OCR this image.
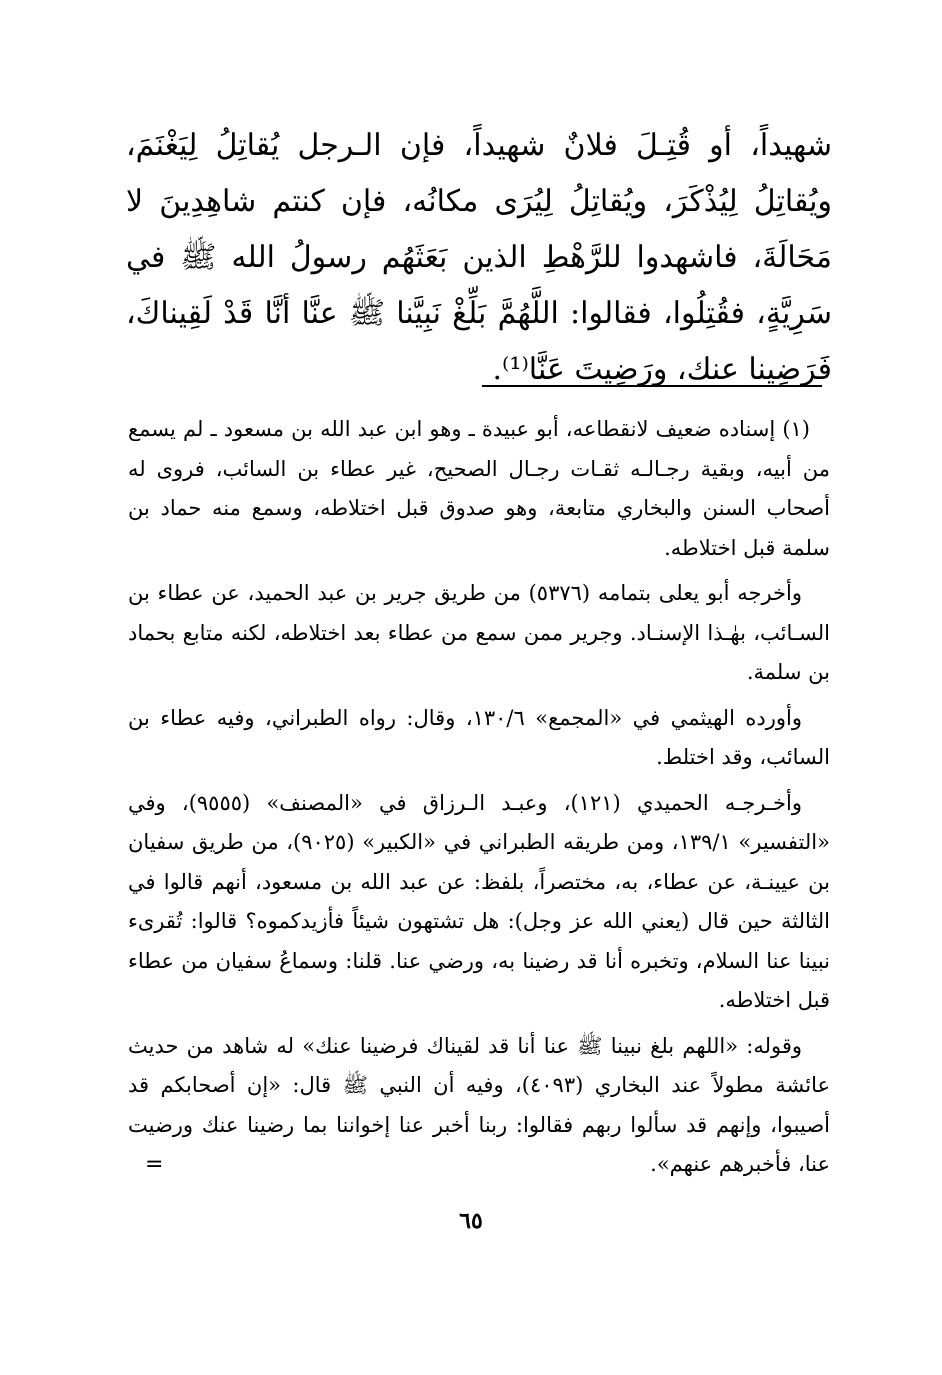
شهيداً، أو قُتِـلَ فلانٌ شهيداً، فإن الـرجل يُقاتِلُ لِيَغْنَمَ، ويُقاتِلُ لِيُذْكَرَ، ويُقاتِلُ لِيُرَى مكانُه، فإن كنتم شاهِدِينَ لا مَحَالَةَ، فاشهدوا للرَّهْطِ الذين بَعَثَهُم رسولُ الله ﷺ في سَرِيَّةٍ، فقُتِلُوا، فقالوا: اللَّهُمَّ بَلِّغْ نَبِيَّنا ﷺ عنَّا أنَّا قَدْ لَقِيناكَ، فَرَضِينا عنك، ورَضِيتَ عَنَّا⁽¹⁾.

(١) إسناده ضعيف لانقطاعه، أبو عبيدة ـ وهو ابن عبد الله بن مسعود ـ لم يسمع من أبيه، وبقية رجـالـه ثقـات رجـال الصحيح، غير عطاء بن السائب، فروى له أصحاب السنن والبخاري متابعة، وهو صدوق قبل اختلاطه، وسمع منه حماد بن سلمة قبل اختلاطه.

وأخرجه أبو يعلى بتمامه (٥٣٧٦) من طريق جرير بن عبد الحميد، عن عطاء بن السـائب، بهٰـذا الإسنـاد. وجرير ممن سمع من عطاء بعد اختلاطه، لكنه متابع بحماد بن سلمة.

وأورده الهيثمي في «المجمع» ١٣٠/٦، وقال: رواه الطبراني، وفيه عطاء بن السائب، وقد اختلط.

وأخـرجـه الحميدي (١٢١)، وعبـد الـرزاق في «المصنف» (٩٥٥٥)، وفي «التفسير» ١٣٩/١، ومن طريقه الطبراني في «الكبير» (٩٠٢٥)، من طريق سفيان بن عيينـة، عن عطاء، به، مختصراً، بلفظ: عن عبد الله بن مسعود، أنهم قالوا في الثالثة حين قال (يعني الله عز وجل): هل تشتهون شيئاً فأزيدكموه؟ قالوا: تُقرىء نبينا عنا السلام، وتخبره أنا قد رضينا به، ورضي عنا. قلنا: وسماعُ سفيان من عطاء قبل اختلاطه.

وقوله: «اللهم بلغ نبينا ﷺ عنا أنا قد لقيناك فرضينا عنك» له شاهد من حديث عائشة مطولاً عند البخاري (٤٠٩٣)، وفيه أن النبي ﷺ قال: «إن أصحابكم قد أصيبوا، وإنهم قد سألوا ربهم فقالوا: ربنا أخبر عنا إخواننا بما رضينا عنك ورضيت عنا، فأخبرهم عنهم».

=
٦٥
